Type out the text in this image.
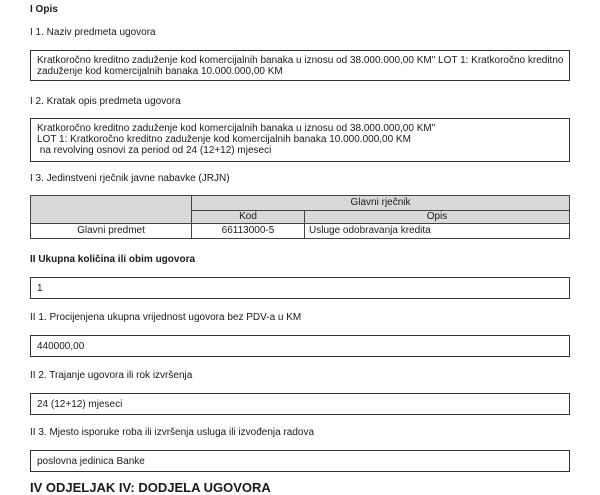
I Opis
I 1. Naziv predmeta ugovora
Kratkoročno kreditno zaduženje kod komercijalnih banaka u iznosu od 38.000.000,00 KM" LOT 1: Kratkoročno kreditno
zaduženje kod komercijalnih banaka 10.000.000,00 KM
I 2. Kratak opis predmeta ugovora
Kratkoročno kreditno zaduženje kod komercijalnih banaka u iznosu od 38.000.000,00 KM"
LOT 1: Kratkoročno kreditno zaduženje kod komercijalnih banaka 10.000.000,00 KM
na revolving osnovi za period od 24 (12+12) mjeseci
I 3. Jedinstveni rječnik javne nabavke (JRJN)
	Glavni rječnik	
	Kod	Opis
Glavni predmet	66113000-5	Usluge odobravanja kredita
II Ukupna količina ili obim ugovora
1
II 1. Procijenjena ukupna vrijednost ugovora bez PDV-a u KM
440000,00
II 2. Trajanje ugovora ili rok izvršenja
24 (12+12) mjeseci
II 3. Mjesto isporuke roba ili izvršenja usluga ili izvođenja radova
poslovna jedinica Banke
IV ODJELJAK IV: DODJELA UGOVORA
